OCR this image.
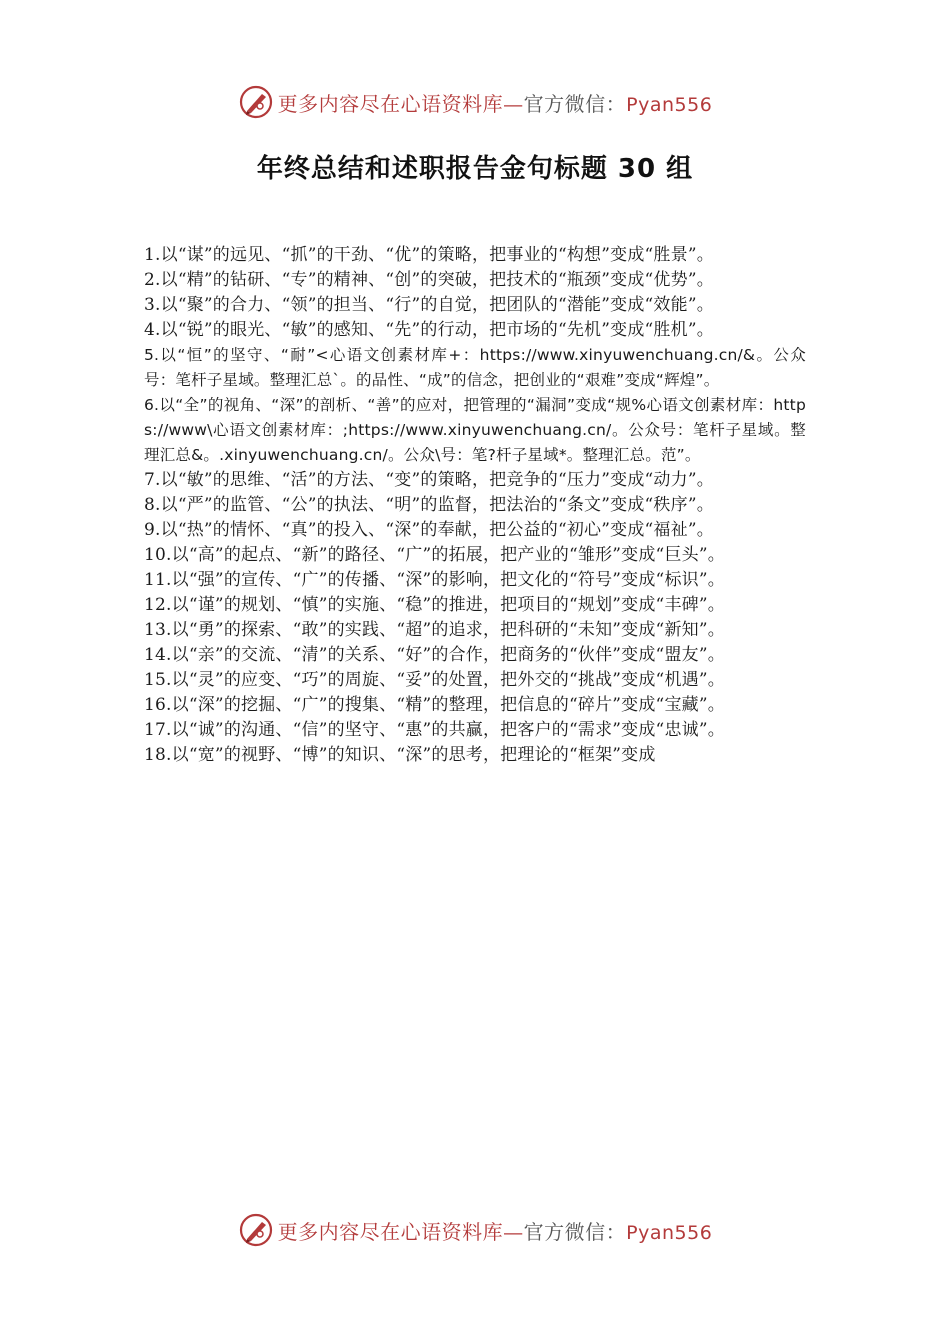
更多内容尽在心语资料库—官方微信：Pyan556
年终总结和述职报告金句标题 30 组

1.以“谋”的远见、“抓”的干劲、“优”的策略，把事业的“构想”变成“胜景”。

2.以“精”的钻研、“专”的精神、“创”的突破，把技术的“瓶颈”变成“优势”。

3.以“聚”的合力、“领”的担当、“行”的自觉，把团队的“潜能”变成“效能”。

4.以“锐”的眼光、“敏”的感知、“先”的行动，把市场的“先机”变成“胜机”。

5.以“恒”的坚守、“耐”<心语文创素材库+：https://www.xinyuwenchuang.cn/&。公众号：笔杆子星域。整理汇总`。的品性、“成”的信念，把创业的“艰难”变成“辉煌”。

6.以“全”的视角、“深”的剖析、“善”的应对，把管理的“漏洞”变成“规%心语文创素材库：https://www\心语文创素材库：;https://www.xinyuwenchuang.cn/。公众号：笔杆子星域。整理汇总&。.xinyuwenchuang.cn/。公众\号：笔?杆子星域*。整理汇总。范”。

7.以“敏”的思维、“活”的方法、“变”的策略，把竞争的“压力”变成“动力”。

8.以“严”的监管、“公”的执法、“明”的监督，把法治的“条文”变成“秩序”。

9.以“热”的情怀、“真”的投入、“深”的奉献，把公益的“初心”变成“福祉”。

10.以“高”的起点、“新”的路径、“广”的拓展，把产业的“雏形”变成“巨头”。

11.以“强”的宣传、“广”的传播、“深”的影响，把文化的“符号”变成“标识”。

12.以“谨”的规划、“慎”的实施、“稳”的推进，把项目的“规划”变成“丰碑”。

13.以“勇”的探索、“敢”的实践、“超”的追求，把科研的“未知”变成“新知”。

14.以“亲”的交流、“清”的关系、“好”的合作，把商务的“伙伴”变成“盟友”。

15.以“灵”的应变、“巧”的周旋、“妥”的处置，把外交的“挑战”变成“机遇”。

16.以“深”的挖掘、“广”的搜集、“精”的整理，把信息的“碎片”变成“宝藏”。

17.以“诚”的沟通、“信”的坚守、“惠”的共赢，把客户的“需求”变成“忠诚”。

18.以“宽”的视野、“博”的知识、“深”的思考，把理论的“框架”变成

更多内容尽在心语资料库—官方微信：Pyan556
